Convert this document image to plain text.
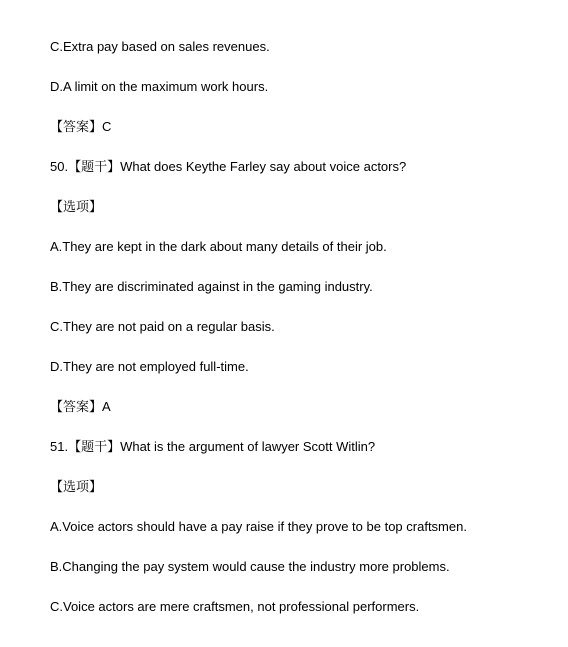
C.Extra pay based on sales revenues.
D.A limit on the maximum work hours.
【答案】C
50.【题干】What does Keythe Farley say about voice actors?
【选项】
A.They are kept in the dark about many details of their job.
B.They are discriminated against in the gaming industry.
C.They are not paid on a regular basis.
D.They are not employed full-time.
【答案】A
51.【题干】What is the argument of lawyer Scott Witlin?
【选项】
A.Voice actors should have a pay raise if they prove to be top craftsmen.
B.Changing the pay system would cause the industry more problems.
C.Voice actors are mere craftsmen, not professional performers.
